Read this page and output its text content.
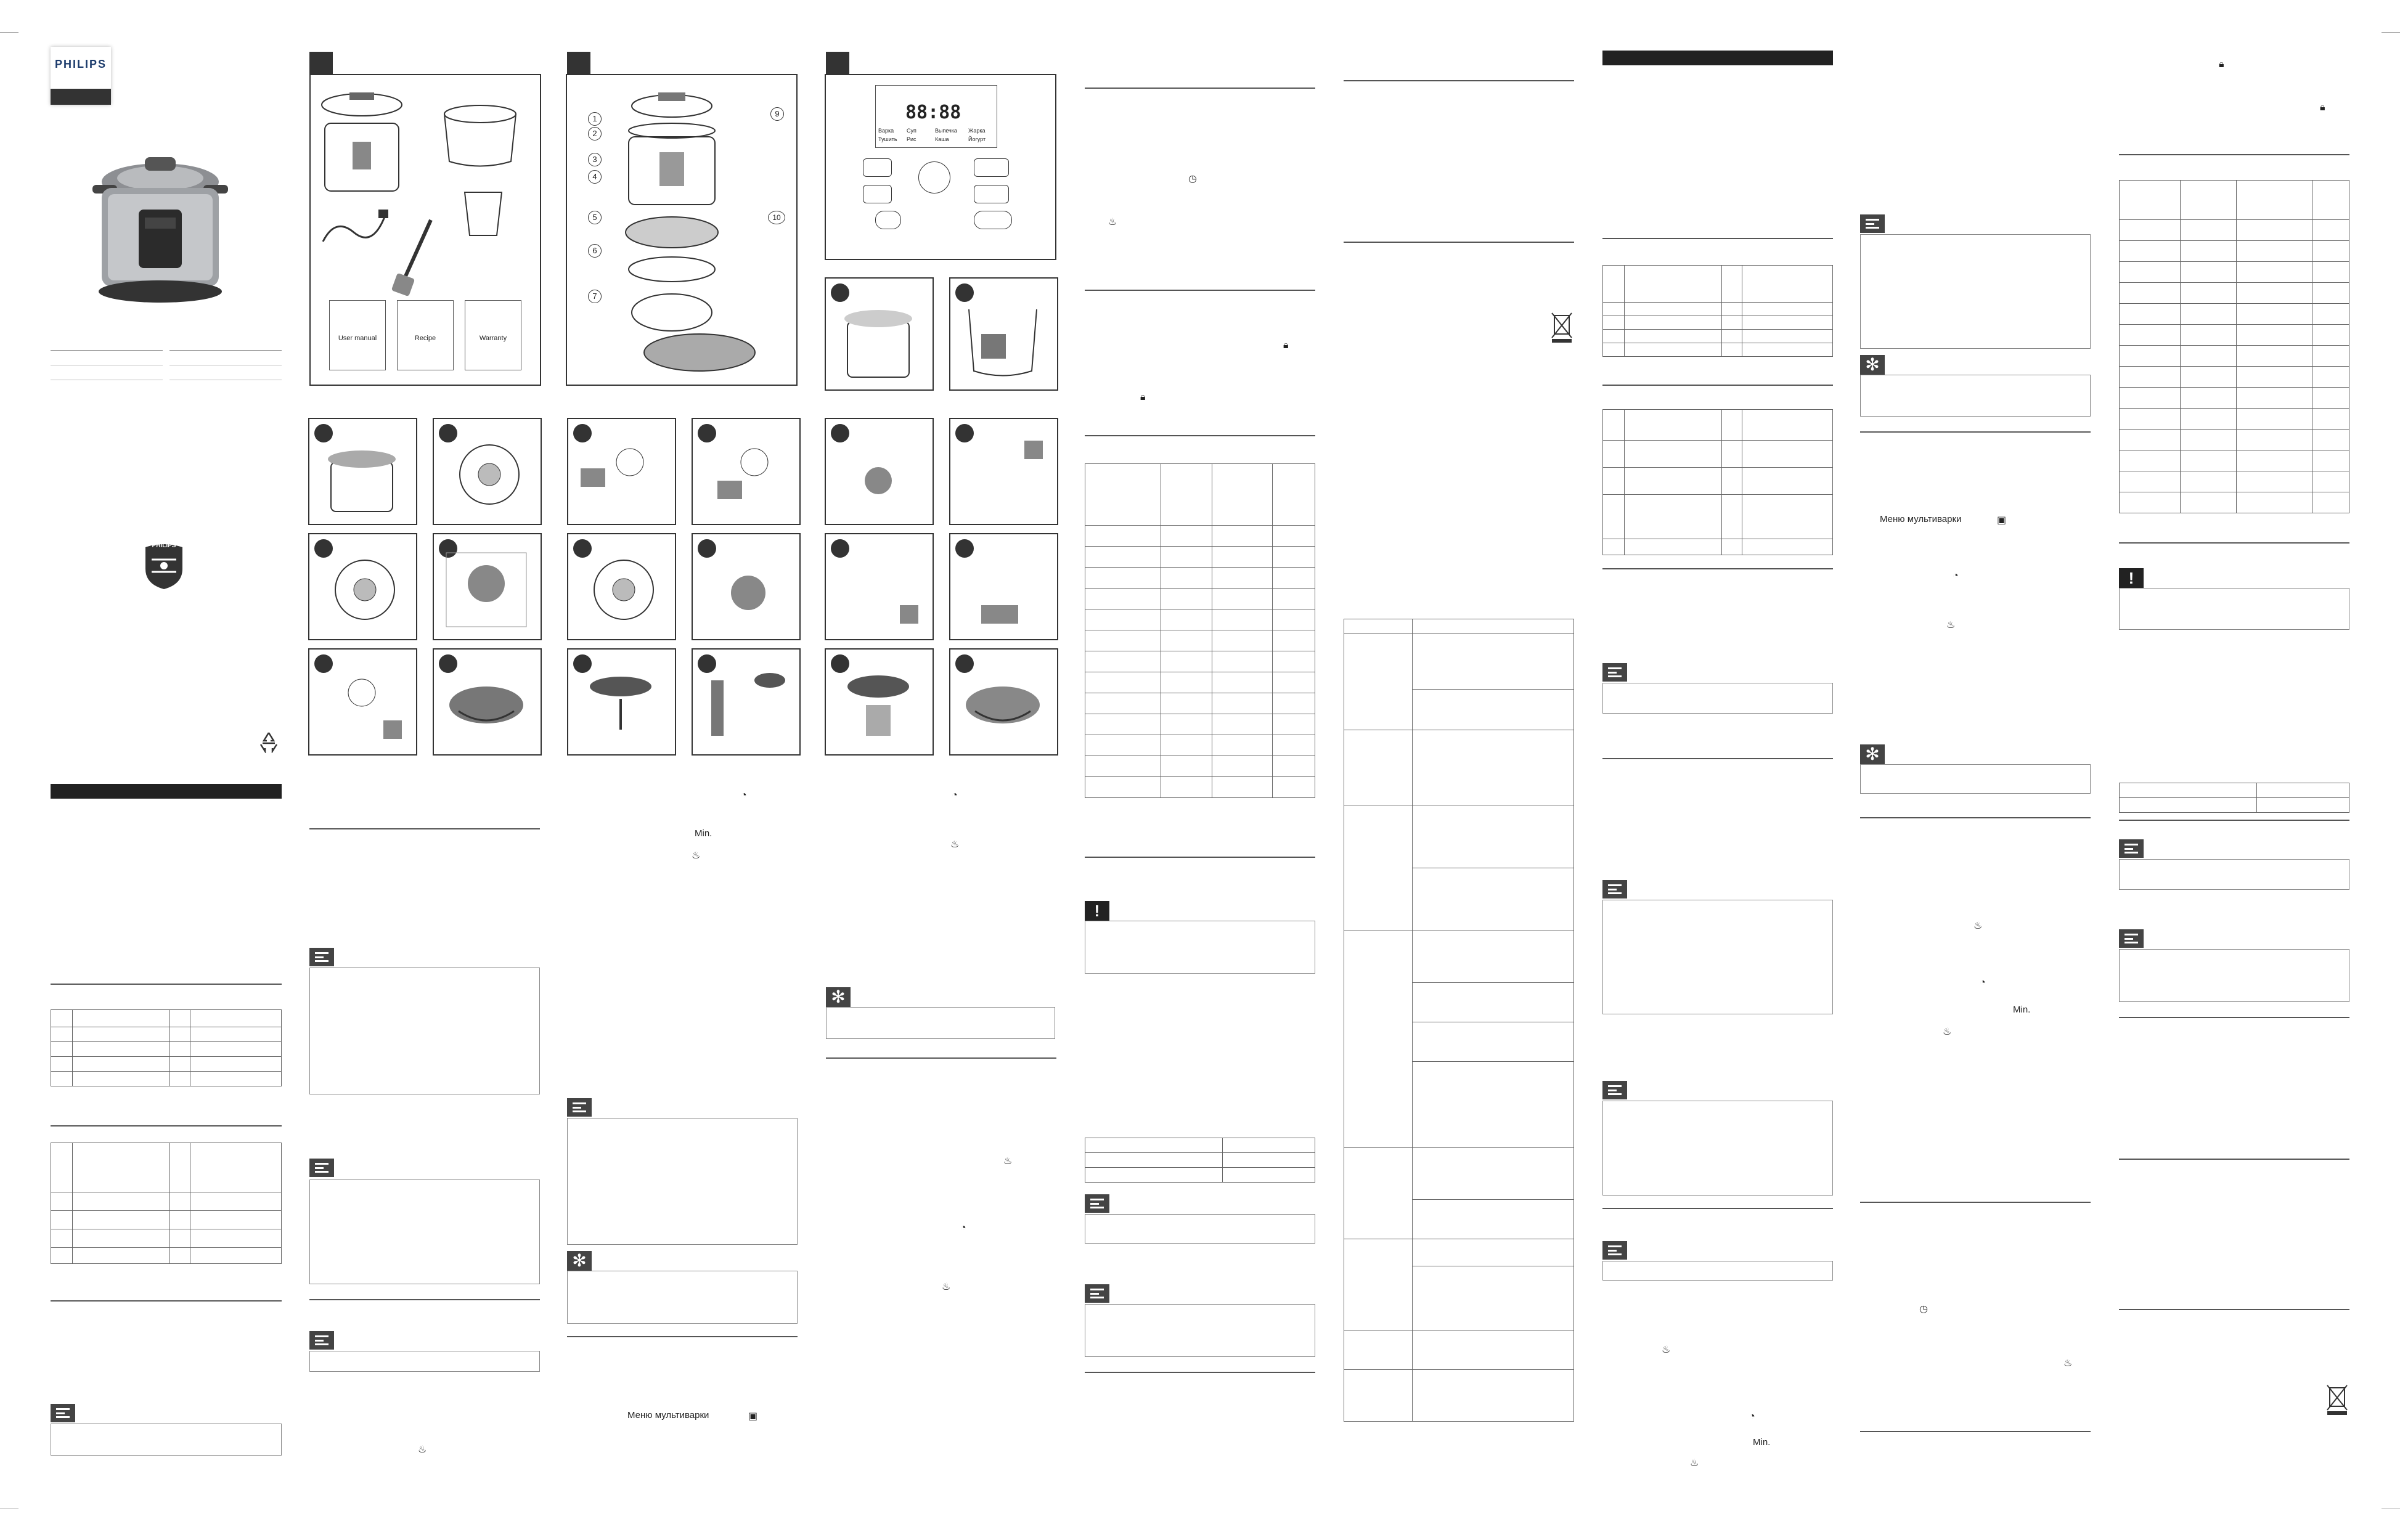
PHILIPS
PHILIPS

User manual	Recipe	Warranty
◔
♨
1
2
3
4
5
6
7
9
10
Min.
♨
✻
Меню мультиварки	▣
88:88
Варка Суп	Выпечка Жарка
Тушить Рис	Каша	Йогурт
◔
♨
✻
♨
◔
♨
◷
♨
🔒︎
🔒︎

!

♨
◔
Min.
♨
✻
Меню мультиварки	▣
◔
♨
✻
♨
◔
Min.
♨
◷
♨
🔒︎
🔒︎

!
